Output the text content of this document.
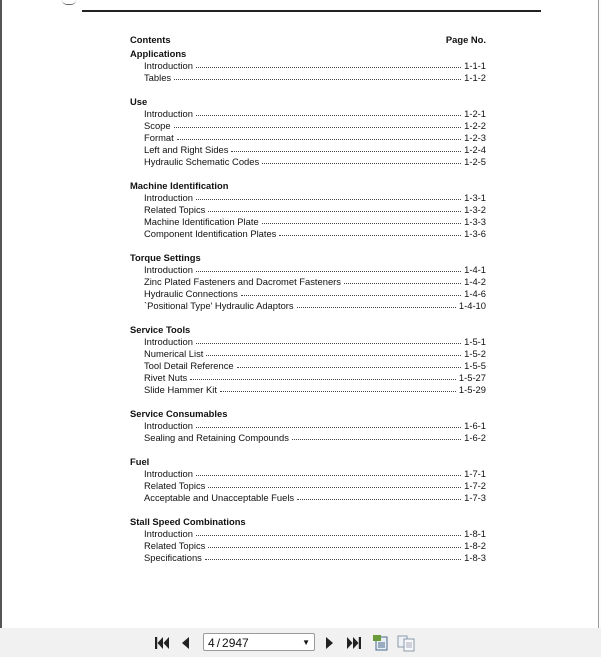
Contents	Page No.
Applications
Introduction	1-1-1
Tables	1-1-2
Use
Introduction	1-2-1
Scope	1-2-2
Format	1-2-3
Left and Right Sides	1-2-4
Hydraulic Schematic Codes	1-2-5
Machine Identification
Introduction	1-3-1
Related Topics	1-3-2
Machine Identification Plate	1-3-3
Component Identification Plates	1-3-6
Torque Settings
Introduction	1-4-1
Zinc Plated Fasteners and Dacromet Fasteners	1-4-2
Hydraulic Connections	1-4-6
`Positional Type' Hydraulic Adaptors	1-4-10
Service Tools
Introduction	1-5-1
Numerical List	1-5-2
Tool Detail Reference	1-5-5
Rivet Nuts	1-5-27
Slide Hammer Kit	1-5-29
Service Consumables
Introduction	1-6-1
Sealing and Retaining Compounds	1-6-2
Fuel
Introduction	1-7-1
Related Topics	1-7-2
Acceptable and Unacceptable Fuels	1-7-3
Stall Speed Combinations
Introduction	1-8-1
Related Topics	1-8-2
Specifications	1-8-3
4 / 2947	▼
